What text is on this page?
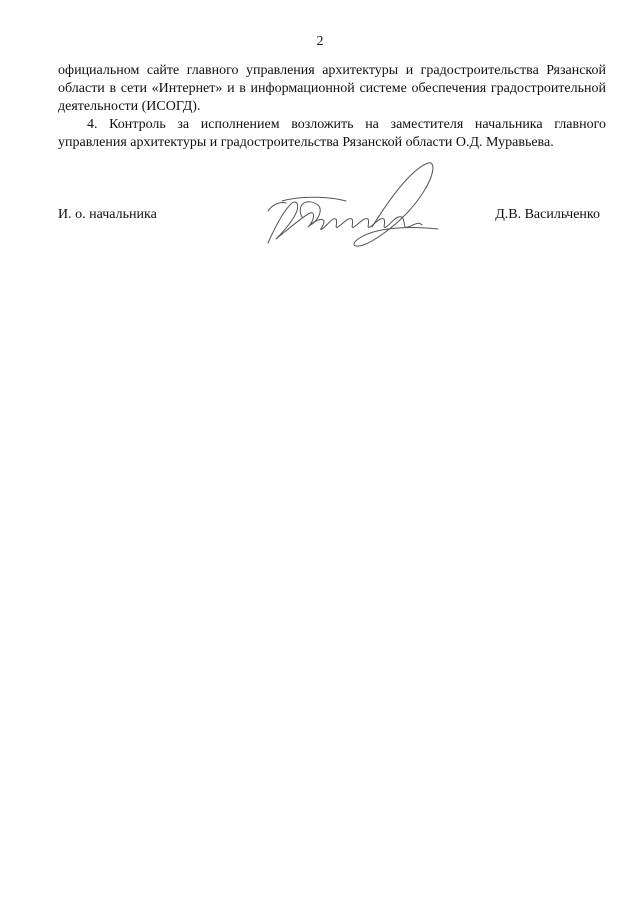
2

официальном сайте главного управления архитектуры и градостроительства Рязанской области в сети «Интернет» и в информационной системе обеспечения градостроительной деятельности (ИСОГД).

4. Контроль за исполнением возложить на заместителя начальника главного управления архитектуры и градостроительства Рязанской области О.Д. Муравьева.

И. о. начальника	Д.В. Васильченко
